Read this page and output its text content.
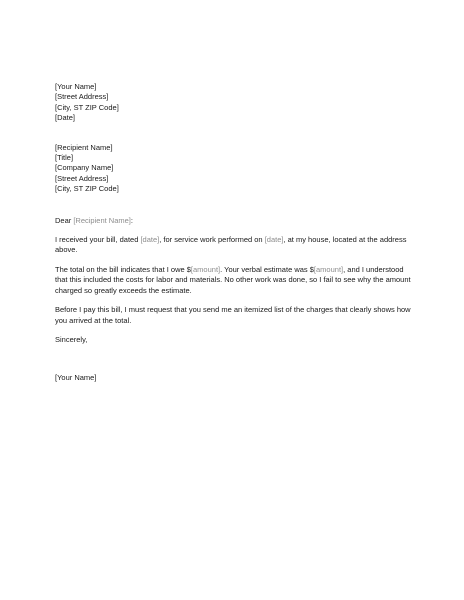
[Your Name]
[Street Address]
[City, ST ZIP Code]
[Date]
[Recipient Name]
[Title]
[Company Name]
[Street Address]
[City, ST ZIP Code]
Dear [Recipient Name]:
I received your bill, dated [date], for service work performed on [date], at my house, located at the address
above.
The total on the bill indicates that I owe $[amount]. Your verbal estimate was $[amount], and I understood
that this included the costs for labor and materials. No other work was done, so I fail to see why the amount
charged so greatly exceeds the estimate.
Before I pay this bill, I must request that you send me an itemized list of the charges that clearly shows how
you arrived at the total.
Sincerely,
[Your Name]
